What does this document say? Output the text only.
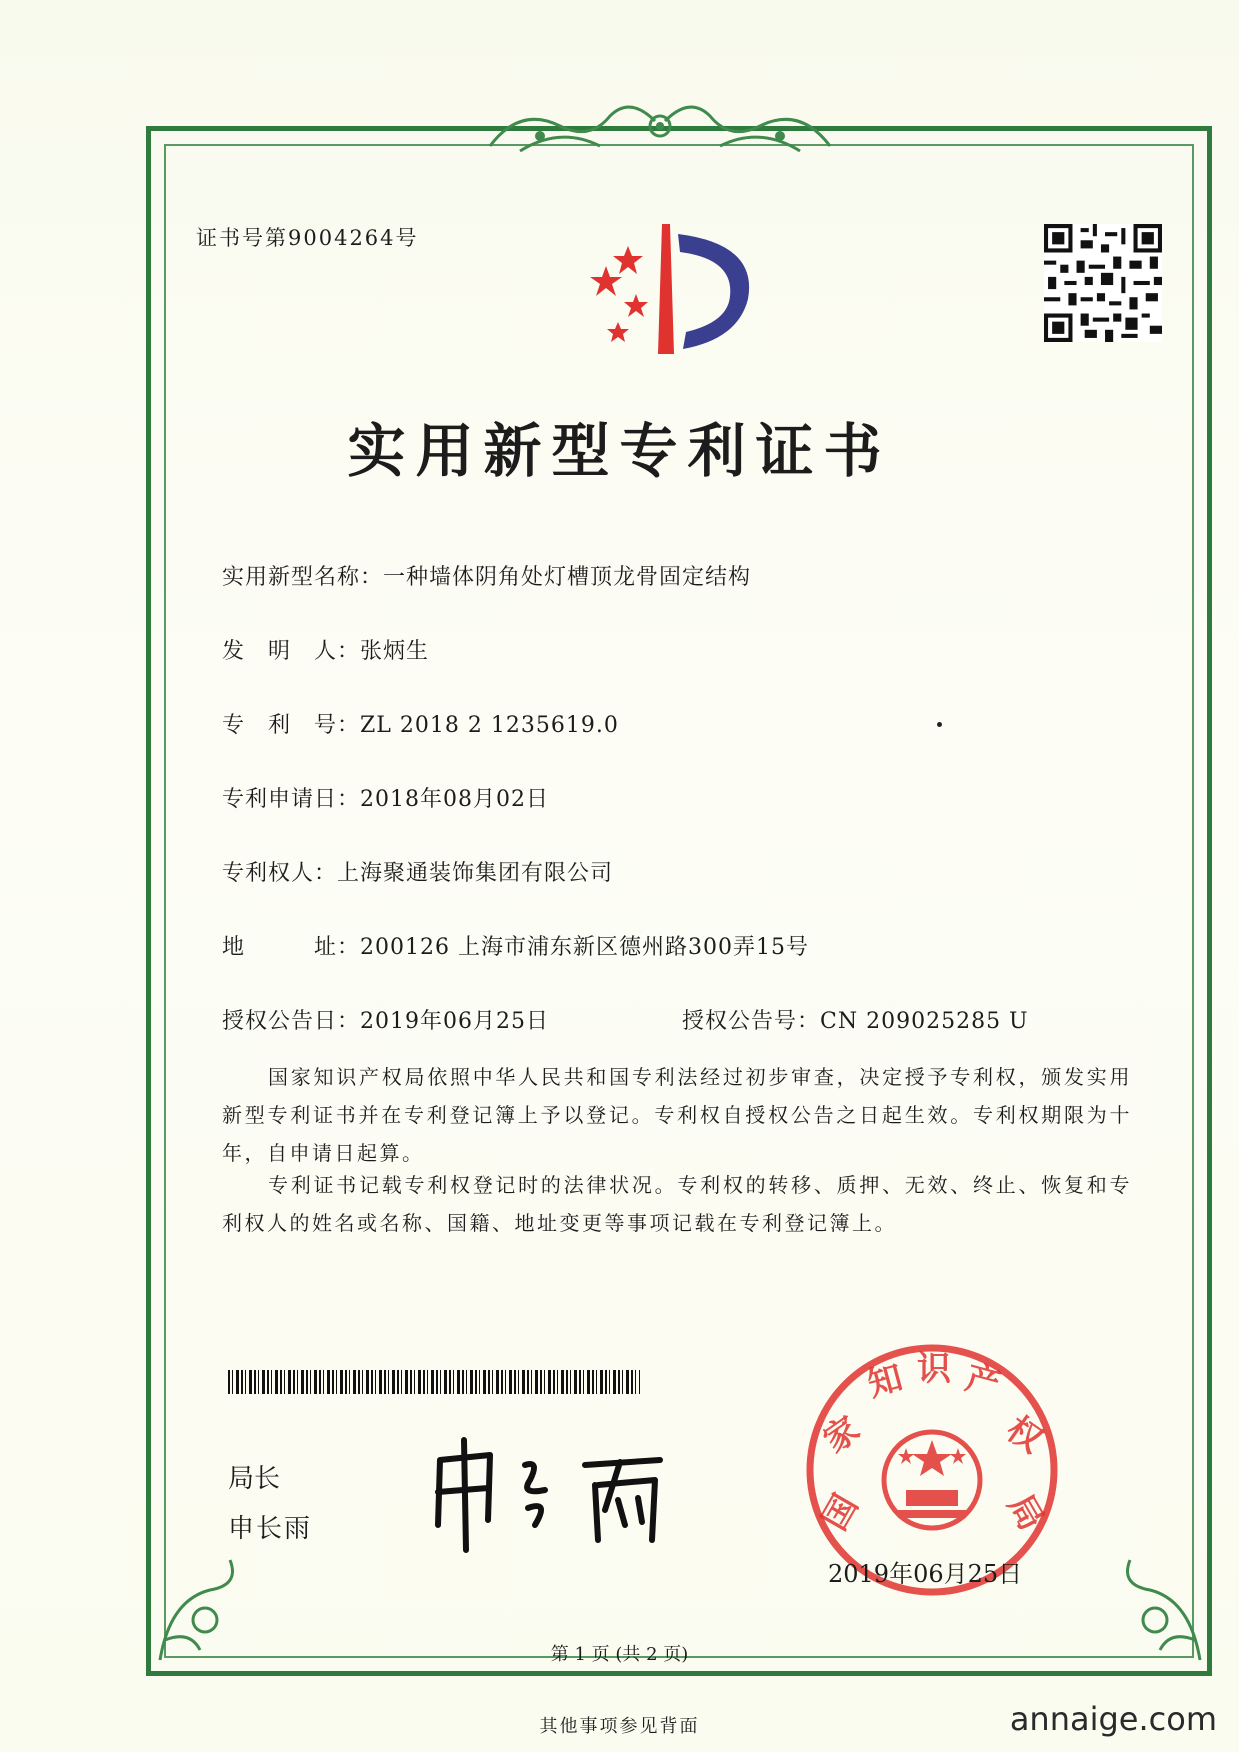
证书号第9004264号
实用新型专利证书
实用新型名称：一种墙体阴角处灯槽顶龙骨固定结构
发　明　人：张炳生
专　利　号：ZL 2018 2 1235619.0
专利申请日：2018年08月02日
专利权人：上海聚通装饰集团有限公司
地　　　址：200126 上海市浦东新区德州路300弄15号
授权公告日：2019年06月25日	授权公告号：CN 209025285 U
国家知识产权局依照中华人民共和国专利法经过初步审查，决定授予专利权，颁发实用新型专利证书并在专利登记簿上予以登记。专利权自授权公告之日起生效。专利权期限为十年，自申请日起算。
专利证书记载专利权登记时的法律状况。专利权的转移、质押、无效、终止、恢复和专利权人的姓名或名称、国籍、地址变更等事项记载在专利登记簿上。
局长
申长雨	国
家
知 识 产
权
局
2019年06月25日
第 1 页 (共 2 页)
其他事项参见背面	annaige.com
